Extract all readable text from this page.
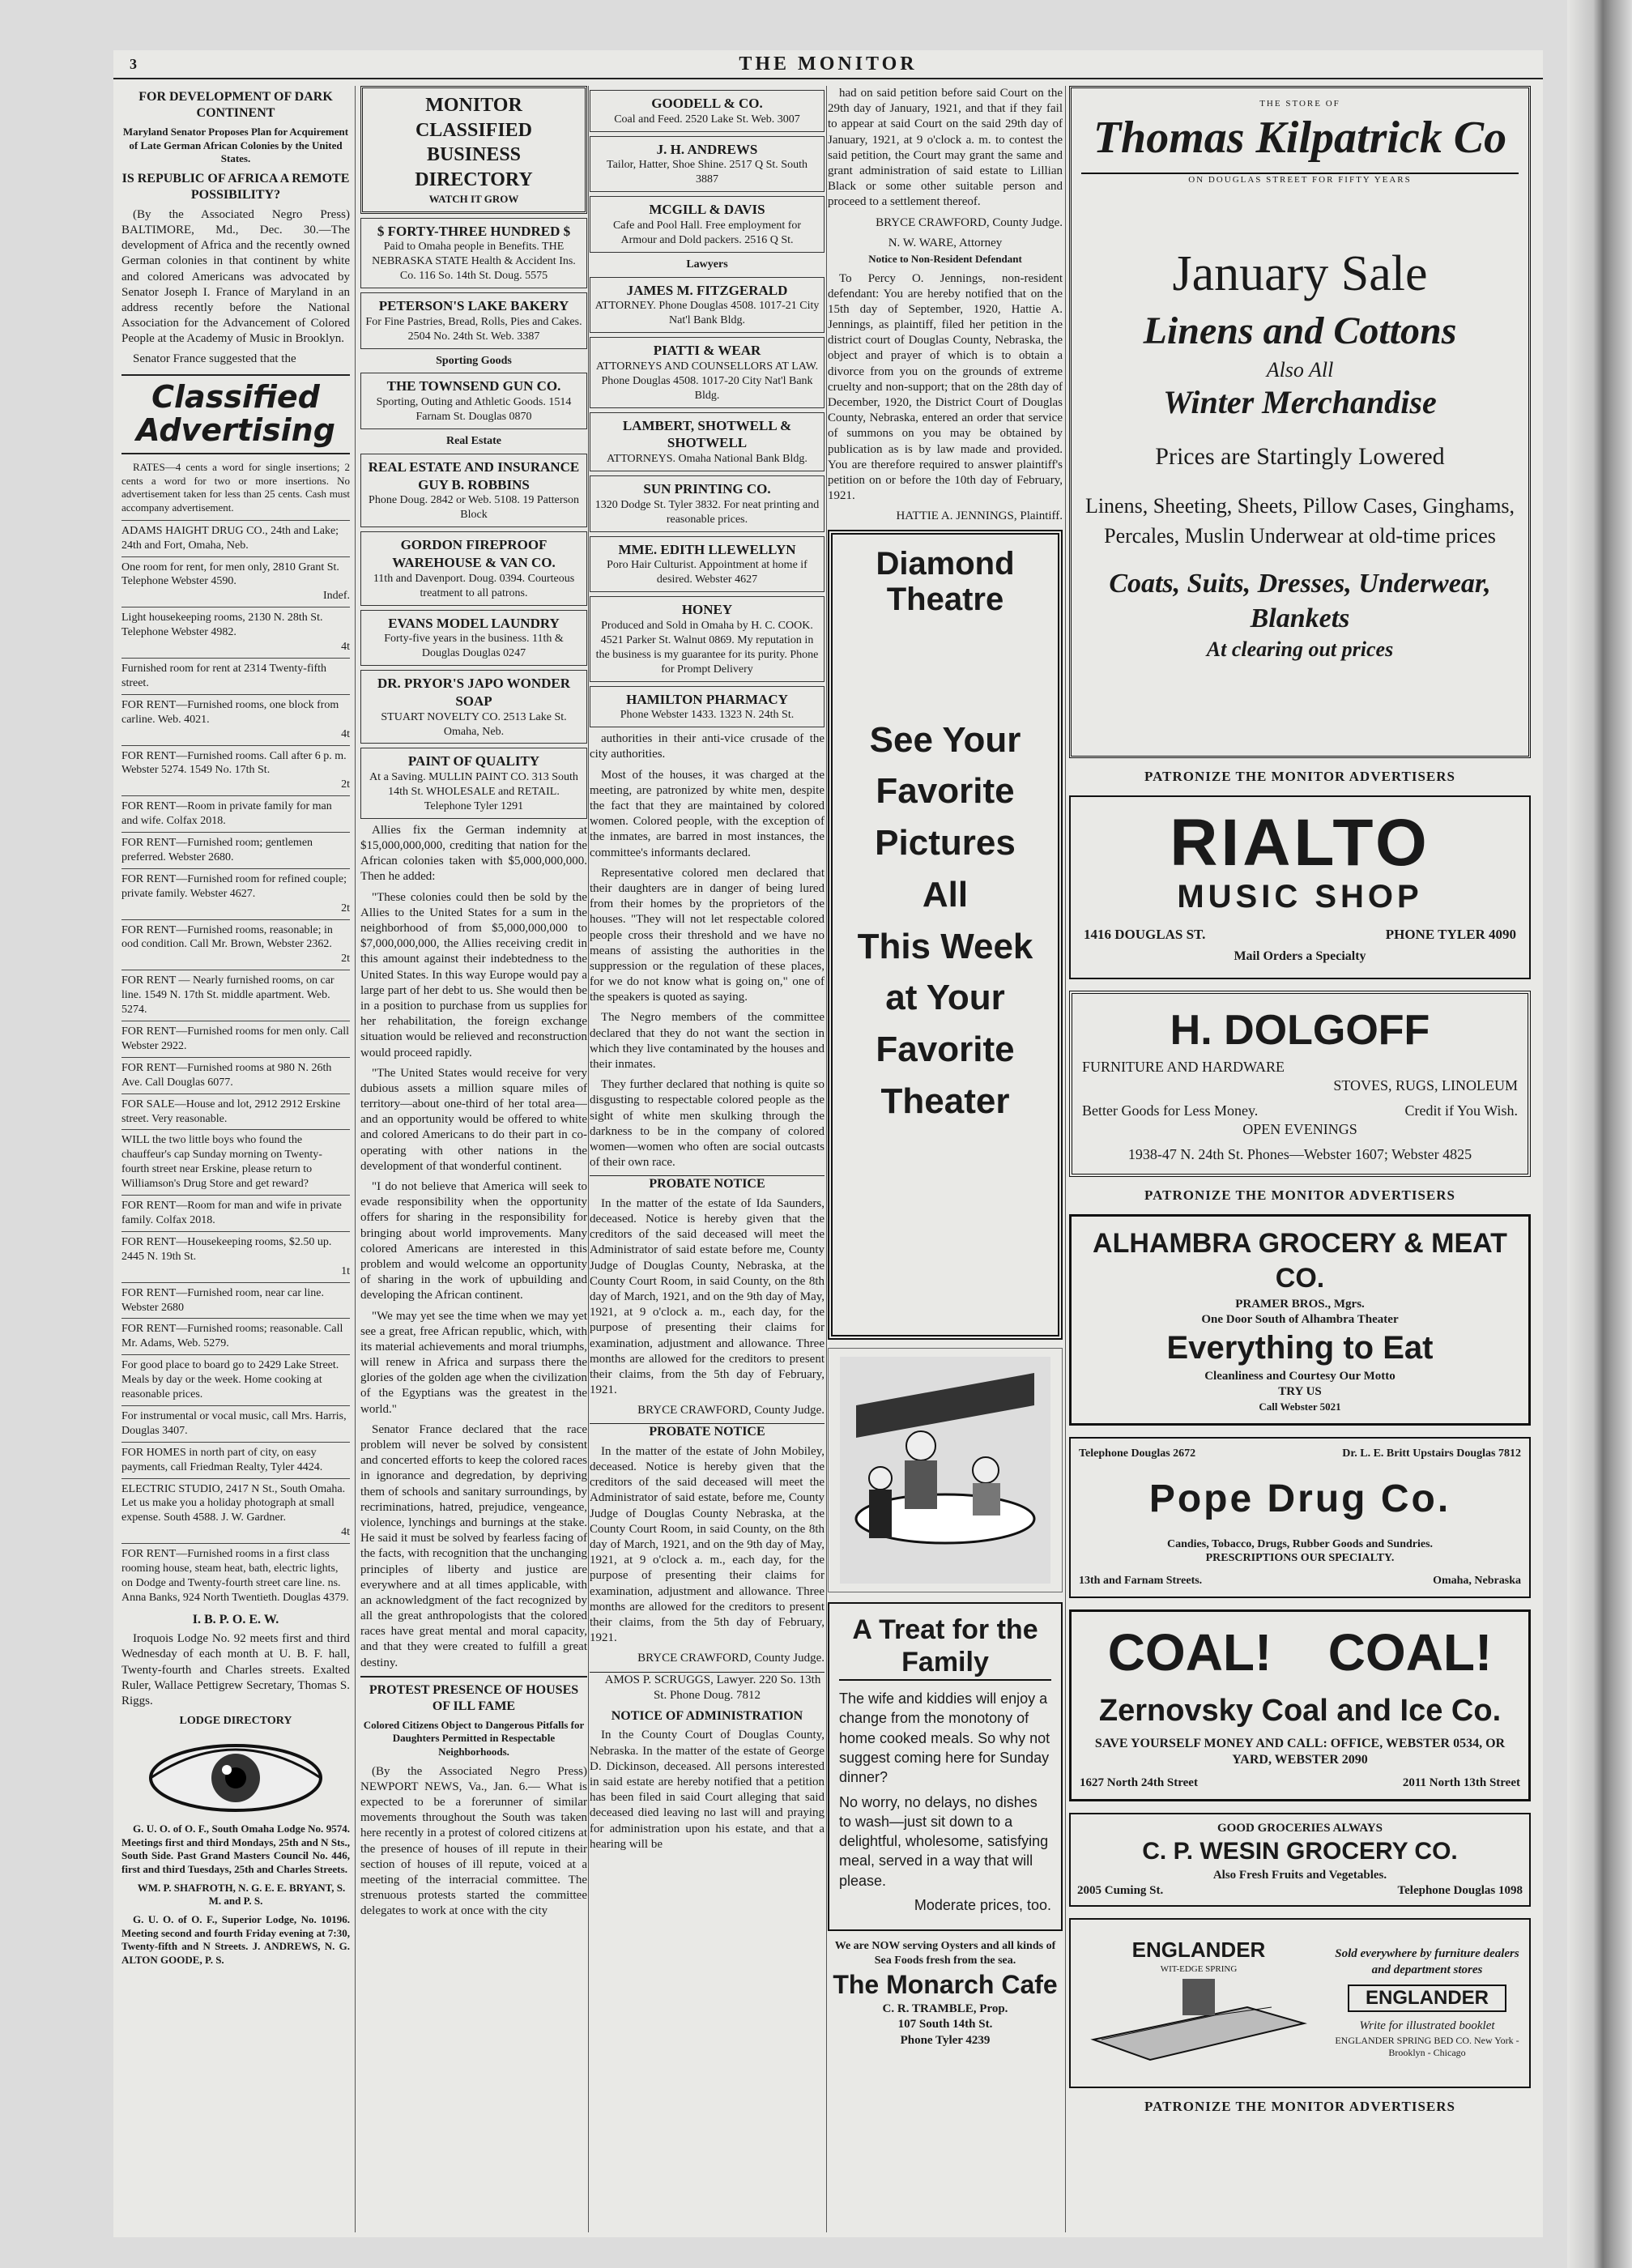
3	THE MONITOR
FOR DEVELOPMENT OF DARK CONTINENT
Maryland Senator Proposes Plan for Acquirement of Late German African Colonies by the United States.
IS REPUBLIC OF AFRICA A REMOTE POSSIBILITY?

(By the Associated Negro Press) BALTIMORE, Md., Dec. 30.—The development of Africa and the recently owned German colonies in that continent by white and colored Americans was advocated by Senator Joseph I. France of Maryland in an address recently before the National Association for the Advancement of Colored People at the Academy of Music in Brooklyn.

Senator France suggested that the

Classified Advertising

RATES—4 cents a word for single insertions; 2 cents a word for two or more insertions. No advertisement taken for less than 25 cents. Cash must accompany advertisement.

ADAMS HAIGHT DRUG CO., 24th and Lake; 24th and Fort, Omaha, Neb.
One room for rent, for men only, 2810 Grant St. Telephone Webster 4590.
Indef.
Light housekeeping rooms, 2130 N. 28th St. Telephone Webster 4982.
4t
Furnished room for rent at 2314 Twenty-fifth street.
FOR RENT—Furnished rooms, one block from carline. Web. 4021.
4t
FOR RENT—Furnished rooms. Call after 6 p. m. Webster 5274. 1549 No. 17th St.
2t
FOR RENT—Room in private family for man and wife. Colfax 2018.
FOR RENT—Furnished room; gentlemen preferred. Webster 2680.
FOR RENT—Furnished room for refined couple; private family. Webster 4627.
2t
FOR RENT—Furnished rooms, reasonable; in ood condition. Call Mr. Brown, Webster 2362.
2t
FOR RENT — Nearly furnished rooms, on car line. 1549 N. 17th St. middle apartment. Web. 5274.
FOR RENT—Furnished rooms for men only. Call Webster 2922.
FOR RENT—Furnished rooms at 980 N. 26th Ave. Call Douglas 6077.
FOR SALE—House and lot, 2912 2912 Erskine street. Very reasonable.
WILL the two little boys who found the chauffeur's cap Sunday morning on Twenty-fourth street near Erskine, please return to Williamson's Drug Store and get reward?
FOR RENT—Room for man and wife in private family. Colfax 2018.
FOR RENT—Housekeeping rooms, $2.50 up. 2445 N. 19th St.
1t
FOR RENT—Furnished room, near car line. Webster 2680
FOR RENT—Furnished rooms; reasonable. Call Mr. Adams, Web. 5279.
For good place to board go to 2429 Lake Street. Meals by day or the week. Home cooking at reasonable prices.
For instrumental or vocal music, call Mrs. Harris, Douglas 3407.
FOR HOMES in north part of city, on easy payments, call Friedman Realty, Tyler 4424.
ELECTRIC STUDIO, 2417 N St., South Omaha. Let us make you a holiday photograph at small expense. South 4588. J. W. Gardner.
4t
FOR RENT—Furnished rooms in a first class rooming house, steam heat, bath, electric lights, on Dodge and Twenty-fourth street care line. ns. Anna Banks, 924 North Twentieth. Douglas 4379.
I. B. P. O. E. W.

Iroquois Lodge No. 92 meets first and third Wednesday of each month at U. B. F. hall, Twenty-fourth and Charles streets. Exalted Ruler, Wallace Pettigrew Secretary, Thomas S. Riggs.

LODGE DIRECTORY

G. U. O. of O. F., South Omaha Lodge No. 9574. Meetings first and third Mondays, 25th and N Sts., South Side. Past Grand Masters Council No. 446, first and third Tuesdays, 25th and Charles Streets.

WM. P. SHAFROTH, N. G. E. E. BRYANT, S. M. and P. S.

G. U. O. of O. F., Superior Lodge, No. 10196. Meeting second and fourth Friday evening at 7:30, Twenty-fifth and N Streets. J. ANDREWS, N. G. ALTON GOODE, P. S.

MONITOR CLASSIFIED BUSINESS DIRECTORY
WATCH IT GROW
$ FORTY-THREE HUNDRED $
Paid to Omaha people in Benefits. THE NEBRASKA STATE Health & Accident Ins. Co. 116 So. 14th St. Doug. 5575
PETERSON'S LAKE BAKERY
For Fine Pastries, Bread, Rolls, Pies and Cakes. 2504 No. 24th St. Web. 3387
Sporting Goods
THE TOWNSEND GUN CO.
Sporting, Outing and Athletic Goods. 1514 Farnam St. Douglas 0870
Real Estate
REAL ESTATE AND INSURANCE GUY B. ROBBINS
Phone Doug. 2842 or Web. 5108. 19 Patterson Block
GORDON FIREPROOF WAREHOUSE & VAN CO.
11th and Davenport. Doug. 0394. Courteous treatment to all patrons.
EVANS MODEL LAUNDRY
Forty-five years in the business. 11th & Douglas Douglas 0247
DR. PRYOR'S JAPO WONDER SOAP
STUART NOVELTY CO. 2513 Lake St. Omaha, Neb.
PAINT OF QUALITY
At a Saving. MULLIN PAINT CO. 313 South 14th St. WHOLESALE and RETAIL. Telephone Tyler 1291

Allies fix the German indemnity at $15,000,000,000, crediting that nation for the African colonies taken with $5,000,000,000. Then he added:

"These colonies could then be sold by the Allies to the United States for a sum in the neighborhood of from $5,000,000,000 to $7,000,000,000, the Allies receiving credit in this amount against their indebtedness to the United States. In this way Europe would pay a large part of her debt to us. She would then be in a position to purchase from us supplies for her rehabilitation, the foreign exchange situation would be relieved and reconstruction would proceed rapidly.

"The United States would receive for very dubious assets a million square miles of territory—about one-third of her total area—and an opportunity would be offered to white and colored Americans to do their part in co-operating with other nations in the development of that wonderful continent.

"I do not believe that America will seek to evade responsibility when the opportunity offers for sharing in the responsibility for bringing about world improvements. Many colored Americans are interested in this problem and would welcome an opportunity of sharing in the work of upbuilding and developing the African continent.

"We may yet see the time when we may yet see a great, free African republic, which, with its material achievements and moral triumphs, will renew in Africa and surpass there the glories of the golden age when the civilization of the Egyptians was the greatest in the world."

Senator France declared that the race problem will never be solved by consistent and concerted efforts to keep the colored races in ignorance and degredation, by depriving them of schools and sanitary surroundings, by recriminations, hatred, prejudice, vengeance, violence, lynchings and burnings at the stake. He said it must be solved by fearless facing of the facts, with recognition that the unchanging principles of liberty and justice are everywhere and at all times applicable, with an acknowledgment of the fact recognized by all the great anthropologists that the colored races have great mental and moral capacity, and that they were created to fulfill a great destiny.

PROTEST PRESENCE OF HOUSES OF ILL FAME
Colored Citizens Object to Dangerous Pitfalls for Daughters Permitted in Respectable Neighborhoods.

(By the Associated Negro Press) NEWPORT NEWS, Va., Jan. 6.— What is expected to be a forerunner of similar movements throughout the South was taken here recently in a protest of colored citizens at the presence of houses of ill repute in their section of houses of ill repute, voiced at a meeting of the interracial committee. The strenuous protests started the committee delegates to work at once with the city

GOODELL & CO.
Coal and Feed. 2520 Lake St. Web. 3007
J. H. ANDREWS
Tailor, Hatter, Shoe Shine. 2517 Q St. South 3887
MCGILL & DAVIS
Cafe and Pool Hall. Free employment for Armour and Dold packers. 2516 Q St.
Lawyers
JAMES M. FITZGERALD
ATTORNEY. Phone Douglas 4508. 1017-21 City Nat'l Bank Bldg.
PIATTI & WEAR
ATTORNEYS AND COUNSELLORS AT LAW. Phone Douglas 4508. 1017-20 City Nat'l Bank Bldg.
LAMBERT, SHOTWELL & SHOTWELL
ATTORNEYS. Omaha National Bank Bldg.
SUN PRINTING CO.
1320 Dodge St. Tyler 3832. For neat printing and reasonable prices.
MME. EDITH LLEWELLYN
Poro Hair Culturist. Appointment at home if desired. Webster 4627
HONEY
Produced and Sold in Omaha by H. C. COOK. 4521 Parker St. Walnut 0869. My reputation in the business is my guarantee for its purity. Phone for Prompt Delivery
HAMILTON PHARMACY
Phone Webster 1433. 1323 N. 24th St.

authorities in their anti-vice crusade of the city authorities.

Most of the houses, it was charged at the meeting, are patronized by white men, despite the fact that they are maintained by colored women. Colored people, with the exception of the inmates, are barred in most instances, the committee's informants declared.

Representative colored men declared that their daughters are in danger of being lured from their homes by the proprietors of the houses. "They will not let respectable colored people cross their threshold and we have no means of assisting the authorities in the suppression or the regulation of these places, for we do not know what is going on," one of the speakers is quoted as saying.

The Negro members of the committee declared that they do not want the section in which they live contaminated by the houses and their inmates.

They further declared that nothing is quite so disgusting to respectable colored people as the sight of white men skulking through the darkness to be in the company of colored women—women who often are social outcasts of their own race.

PROBATE NOTICE

In the matter of the estate of Ida Saunders, deceased. Notice is hereby given that the creditors of the said deceased will meet the Administrator of said estate before me, County Judge of Douglas County, Nebraska, at the County Court Room, in said County, on the 8th day of March, 1921, and on the 9th day of May, 1921, at 9 o'clock a. m., each day, for the purpose of presenting their claims for examination, adjustment and allowance. Three months are allowed for the creditors to present their claims, from the 5th day of February, 1921.

BRYCE CRAWFORD, County Judge.

PROBATE NOTICE

In the matter of the estate of John Mobiley, deceased. Notice is hereby given that the creditors of the said deceased will meet the Administrator of said estate, before me, County Judge of Douglas County Nebraska, at the County Court Room, in said County, on the 8th day of March, 1921, and on the 9th day of May, 1921, at 9 o'clock a. m., each day, for the purpose of presenting their claims for examination, adjustment and allowance. Three months are allowed for the creditors to present their claims, from the 5th day of February, 1921.

BRYCE CRAWFORD, County Judge.

AMOS P. SCRUGGS, Lawyer. 220 So. 13th St. Phone Doug. 7812

NOTICE OF ADMINISTRATION

In the County Court of Douglas County, Nebraska. In the matter of the estate of George D. Dickinson, deceased. All persons interested in said estate are hereby notified that a petition has been filed in said Court alleging that said deceased died leaving no last will and praying for administration upon his estate, and that a hearing will be

had on said petition before said Court on the 29th day of January, 1921, and that if they fail to appear at said Court on the said 29th day of January, 1921, at 9 o'clock a. m. to contest the said petition, the Court may grant the same and grant administration of said estate to Lillian Black or some other suitable person and proceed to a settlement thereof.

BRYCE CRAWFORD, County Judge.

N. W. WARE, Attorney
Notice to Non-Resident Defendant

To Percy O. Jennings, non-resident defendant: You are hereby notified that on the 15th day of September, 1920, Hattie A. Jennings, as plaintiff, filed her petition in the district court of Douglas County, Nebraska, the object and prayer of which is to obtain a divorce from you on the grounds of extreme cruelty and non-support; that on the 28th day of December, 1920, the District Court of Douglas County, Nebraska, entered an order that service of summons on you may be obtained by publication as is by law made and provided. You are therefore required to answer plaintiff's petition on or before the 10th day of February, 1921.

HATTIE A. JENNINGS, Plaintiff.

Diamond Theatre
See Your
Favorite
Pictures
All
This Week
at Your
Favorite
Theater
A Treat for the Family

The wife and kiddies will enjoy a change from the monotony of home cooked meals. So why not suggest coming here for Sunday dinner?

No worry, no delays, no dishes to wash—just sit down to a delightful, wholesome, satisfying meal, served in a way that will please.

Moderate prices, too.

We are NOW serving Oysters and all kinds of Sea Foods fresh from the sea.
The Monarch Cafe
C. R. TRAMBLE, Prop.
107 South 14th St.
Phone Tyler 4239
THE STORE OF
Thomas Kilpatrick Co
ON DOUGLAS STREET FOR FIFTY YEARS
January Sale
Linens and Cottons
Also All
Winter Merchandise
Prices are Startingly Lowered
Linens, Sheeting, Sheets, Pillow Cases, Ginghams, Percales, Muslin Underwear at old-time prices
Coats, Suits, Dresses, Underwear, Blankets
At clearing out prices
PATRONIZE THE MONITOR ADVERTISERS
RIALTO
MUSIC SHOP
1416 DOUGLAS ST.	PHONE TYLER 4090
Mail Orders a Specialty
H. DOLGOFF
FURNITURE AND HARDWARE
STOVES, RUGS, LINOLEUM
Better Goods for Less Money.	Credit if You Wish.
OPEN EVENINGS
1938-47 N. 24th St. Phones—Webster 1607; Webster 4825
PATRONIZE THE MONITOR ADVERTISERS
ALHAMBRA GROCERY & MEAT CO.
PRAMER BROS., Mgrs.
One Door South of Alhambra Theater
Everything to Eat
Cleanliness and Courtesy Our Motto
TRY US
Call Webster 5021
Telephone Douglas 2672	Dr. L. E. Britt Upstairs Douglas 7812
Pope Drug Co.
Candies, Tobacco, Drugs, Rubber Goods and Sundries.
PRESCRIPTIONS OUR SPECIALTY.
13th and Farnam Streets.	Omaha, Nebraska
COAL! COAL!
Zernovsky Coal and Ice Co.
SAVE YOURSELF MONEY AND CALL: OFFICE, WEBSTER 0534, OR YARD, WEBSTER 2090
1627 North 24th Street	2011 North 13th Street
GOOD GROCERIES ALWAYS
C. P. WESIN GROCERY CO.
Also Fresh Fruits and Vegetables.
2005 Cuming St.	Telephone Douglas 1098
ENGLANDER
WIT-EDGE SPRING
Sold everywhere by furniture dealers and department stores
ENGLANDER
Write for illustrated booklet
ENGLANDER SPRING BED CO. New York - Brooklyn - Chicago
PATRONIZE THE MONITOR ADVERTISERS
